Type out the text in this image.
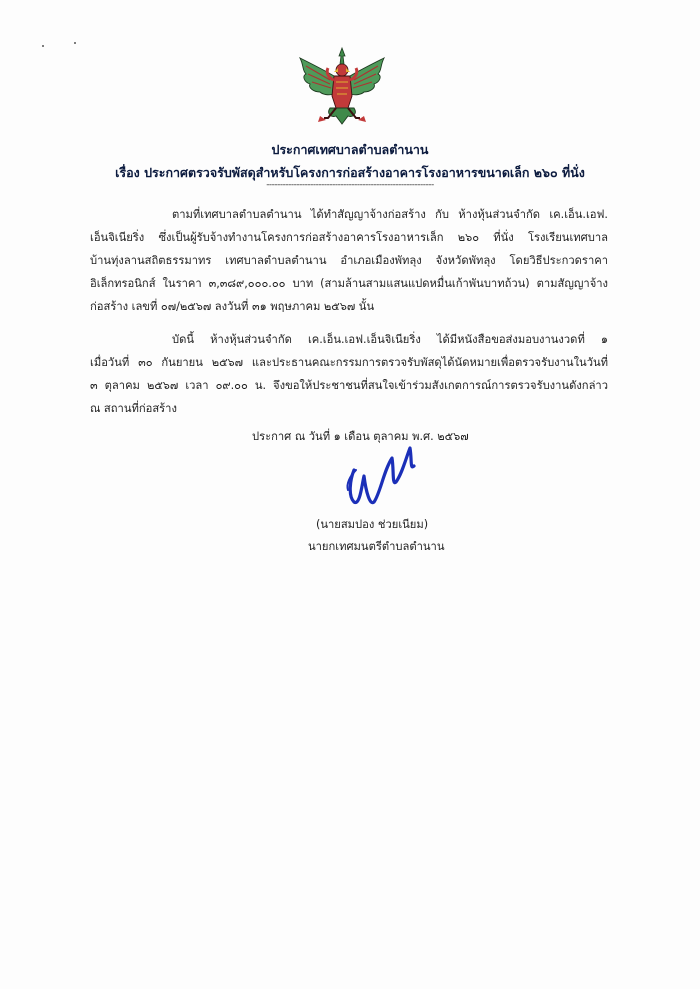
ประกาศเทศบาลตำบลตำนาน
เรื่อง ประกาศตรวจรับพัสดุสำหรับโครงการก่อสร้างอาคารโรงอาหารขนาดเล็ก ๒๖๐ ที่นั่ง
-------------------------------------------------------------
ตามที่เทศบาลตำบลตำนาน ได้ทำสัญญาจ้างก่อสร้าง กับ ห้างหุ้นส่วนจำกัด เค.เอ็น.เอฟ.
เอ็นจิเนียริ่ง ซึ่งเป็นผู้รับจ้างทำงานโครงการก่อสร้างอาคารโรงอาหารเล็ก ๒๖๐ ที่นั่ง โรงเรียนเทศบาล
บ้านทุ่งลานสถิตธรรมาทร เทศบาลตำบลตำนาน อำเภอเมืองพัทลุง จังหวัดพัทลุง โดยวิธีประกวดราคา
อิเล็กทรอนิกส์ ในราคา ๓,๓๘๙,๐๐๐.๐๐ บาท (สามล้านสามแสนแปดหมื่นเก้าพันบาทถ้วน) ตามสัญญาจ้าง
ก่อสร้าง เลขที่ ๐๗/๒๕๖๗ ลงวันที่ ๓๑ พฤษภาคม ๒๕๖๗ นั้น
บัดนี้ ห้างหุ้นส่วนจำกัด เค.เอ็น.เอฟ.เอ็นจิเนียริ่ง ได้มีหนังสือขอส่งมอบงานงวดที่ ๑
เมื่อวันที่ ๓๐ กันยายน ๒๕๖๗ และประธานคณะกรรมการตรวจรับพัสดุได้นัดหมายเพื่อตรวจรับงานในวันที่
๓ ตุลาคม ๒๕๖๗ เวลา ๐๙.๐๐ น. จึงขอให้ประชาชนที่สนใจเข้าร่วมสังเกตการณ์การตรวจรับงานดังกล่าว
ณ สถานที่ก่อสร้าง
ประกาศ ณ วันที่ ๑ เดือน ตุลาคม พ.ศ. ๒๕๖๗
(นายสมปอง ช่วยเนียม)
นายกเทศมนตรีตำบลตำนาน
